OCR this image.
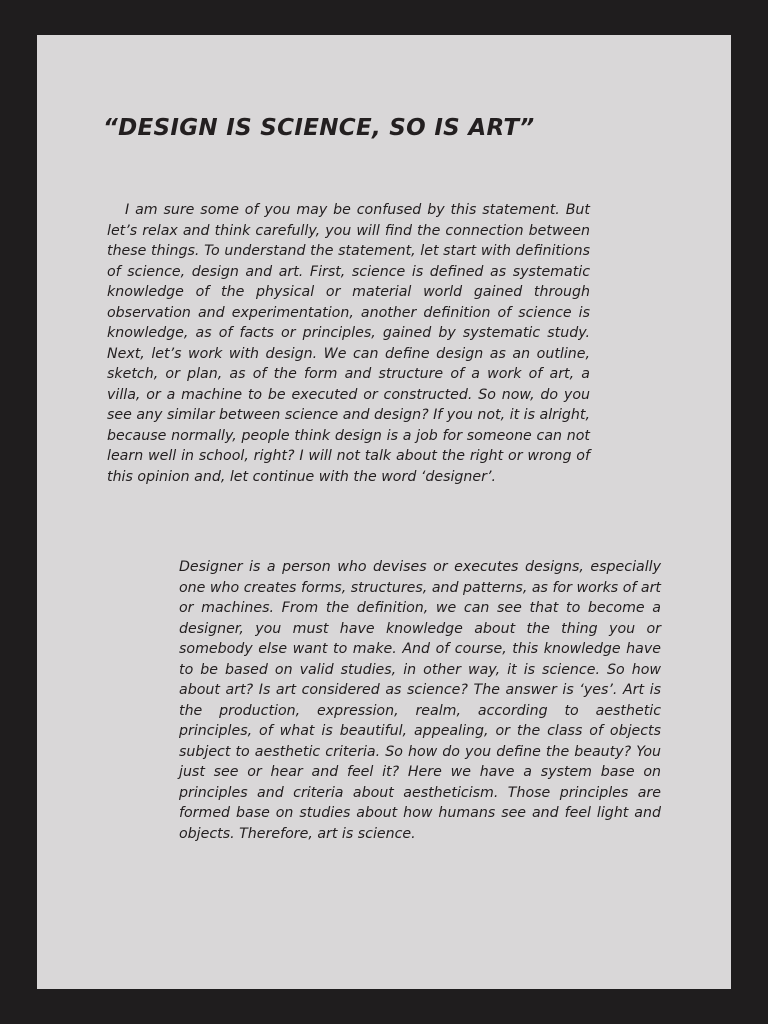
“DESIGN IS SCIENCE, SO IS ART”

I am sure some of you may be confused by this statement. But let’s relax and think carefully, you will find the connection between these things. To understand the statement, let start with definitions of science, design and art. First, science is defined as systematic knowledge of the physical or material world gained through observation and experimentation, another definition of science is knowledge, as of facts or principles, gained by systematic study. Next, let’s work with design. We can define design as an outline, sketch, or plan, as of the form and structure of a work of art, a villa, or a machine to be executed or constructed. So now, do you see any similar between science and design? If you not, it is alright, because normally, people think design is a job for someone can not learn well in school, right? I will not talk about the right or wrong of this opinion and, let continue with the word ‘designer’.

Designer is a person who devises or executes designs, especially one who creates forms, structures, and patterns, as for works of art or machines. From the definition, we can see that to become a designer, you must have knowledge about the thing you or somebody else want to make. And of course, this knowledge have to be based on valid studies, in other way, it is science. So how about art? Is art considered as science? The answer is ‘yes’. Art is the production, expression, realm, according to aesthetic principles, of what is beautiful, appealing, or the class of objects subject to aesthetic criteria. So how do you define the beauty? You just see or hear and feel it? Here we have a system base on principles and criteria about aestheticism. Those principles are formed base on studies about how humans see and feel light and objects. Therefore, art is science.
